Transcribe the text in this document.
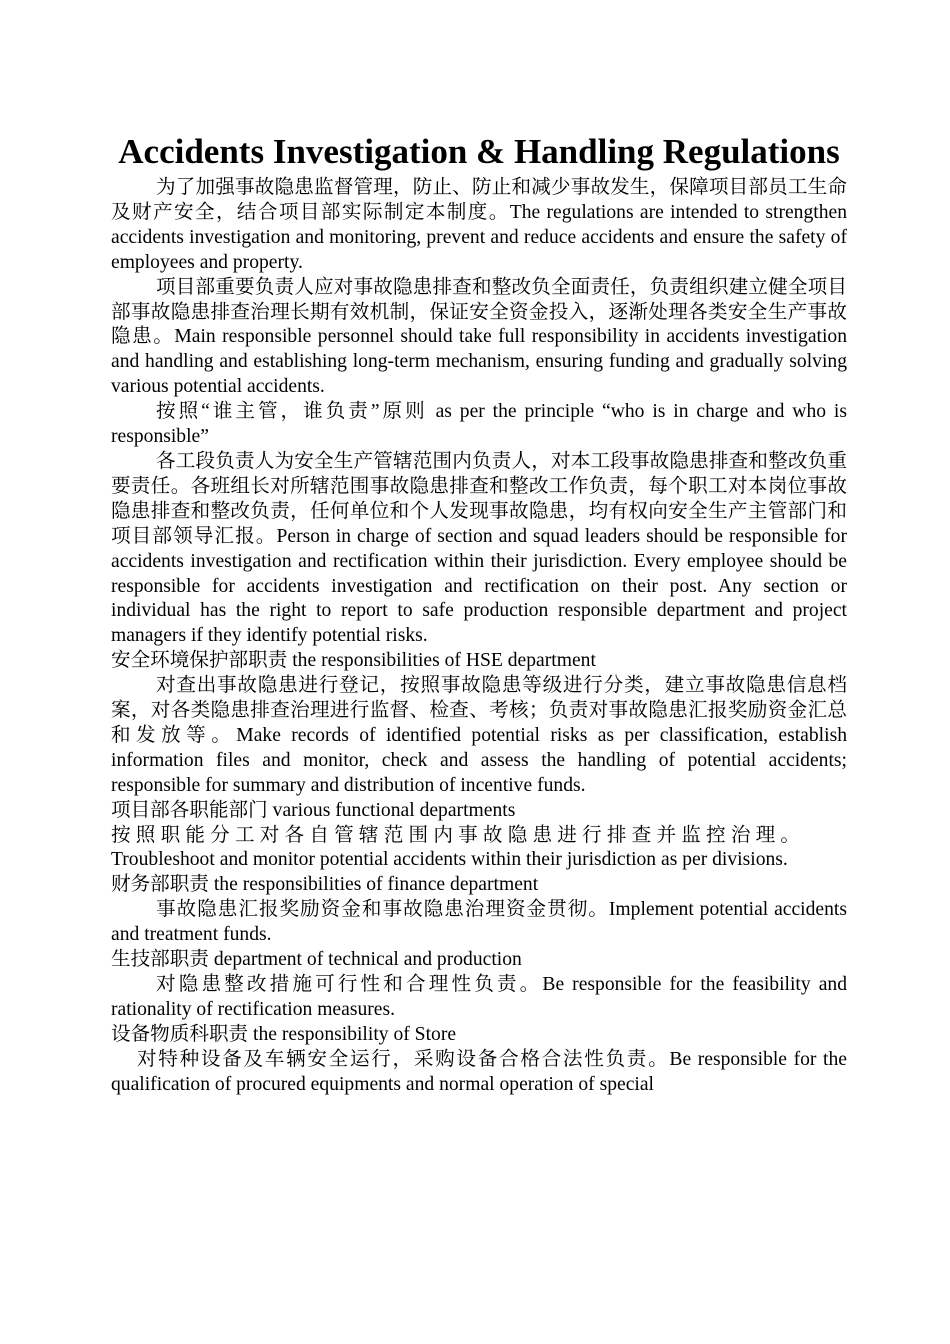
Accidents Investigation & Handling Regulations

为了加强事故隐患监督管理，防止、防止和减少事故发生，保障项目部员工生命及财产安全，结合项目部实际制定本制度。The regulations are intended to strengthen accidents investigation and monitoring, prevent and reduce accidents and ensure the safety of employees and property.

项目部重要负责人应对事故隐患排查和整改负全面责任，负责组织建立健全项目部事故隐患排查治理长期有效机制，保证安全资金投入，逐渐处理各类安全生产事故隐患。Main responsible personnel should take full responsibility in accidents investigation and handling and establishing long-term mechanism, ensuring funding and gradually solving various potential accidents.

按照“谁主管，谁负责”原则 as per the principle “who is in charge and who is responsible”

各工段负责人为安全生产管辖范围内负责人，对本工段事故隐患排查和整改负重要责任。各班组长对所辖范围事故隐患排查和整改工作负责，每个职工对本岗位事故隐患排查和整改负责，任何单位和个人发现事故隐患，均有权向安全生产主管部门和项目部领导汇报。Person in charge of section and squad leaders should be responsible for accidents investigation and rectification within their jurisdiction. Every employee should be responsible for accidents investigation and rectification on their post. Any section or individual has the right to report to safe production responsible department and project managers if they identify potential risks.

安全环境保护部职责 the responsibilities of HSE department

对查出事故隐患进行登记，按照事故隐患等级进行分类，建立事故隐患信息档案，对各类隐患排查治理进行监督、检查、考核；负责对事故隐患汇报奖励资金汇总和发放等。Make records of identified potential risks as per classification, establish information files and monitor, check and assess the handling of potential accidents; responsible for summary and distribution of incentive funds.

项目部各职能部门 various functional departments

按照职能分工对各自管辖范围内事故隐患进行排查并监控治理。

Troubleshoot and monitor potential accidents within their jurisdiction as per divisions.

财务部职责 the responsibilities of finance department

事故隐患汇报奖励资金和事故隐患治理资金贯彻。Implement potential accidents and treatment funds.

生技部职责 department of technical and production

对隐患整改措施可行性和合理性负责。Be responsible for the feasibility and rationality of rectification measures.

设备物质科职责 the responsibility of Store

对特种设备及车辆安全运行，采购设备合格合法性负责。Be responsible for the qualification of procured equipments and normal operation of special
